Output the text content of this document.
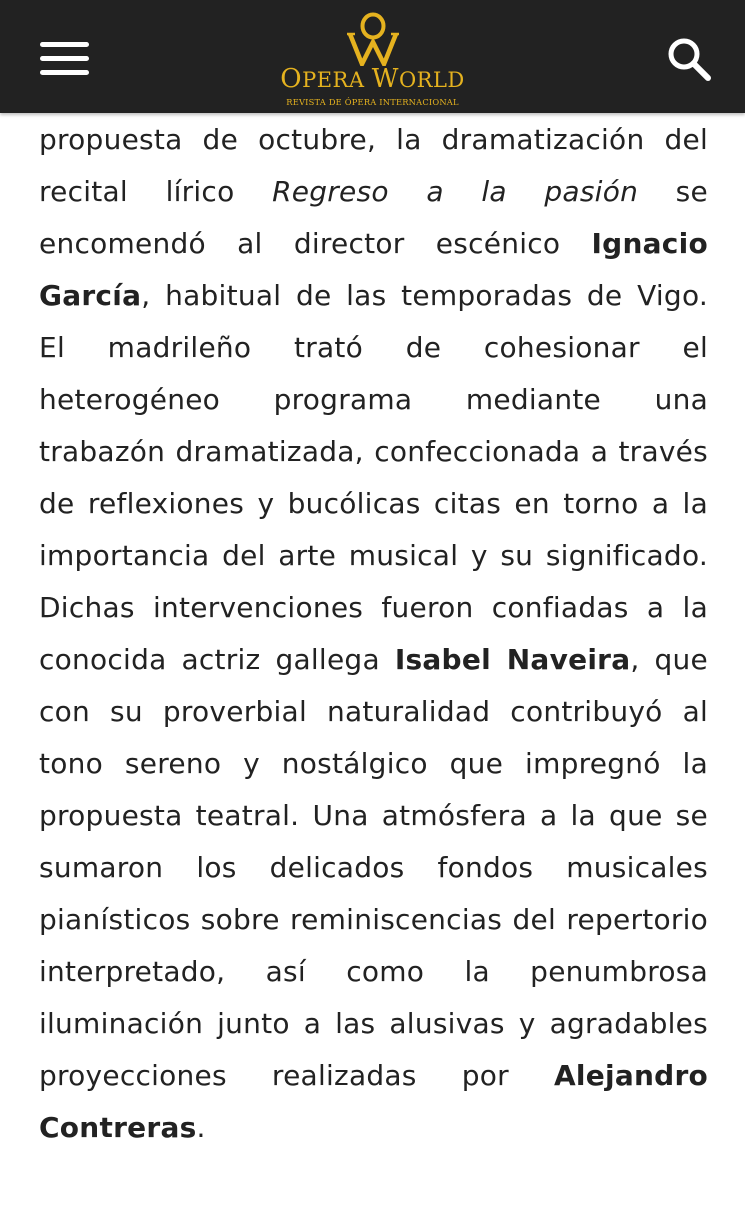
OPERA WORLD
REVISTA DE ÓPERA INTERNACIONAL

propuesta de octubre, la dramatización del recital lírico Regreso a la pasión se encomendó al director escénico Ignacio García, habitual de las temporadas de Vigo. El madrileño trató de cohesionar el heterogéneo programa mediante una trabazón dramatizada, confeccionada a través de reflexiones y bucólicas citas en torno a la importancia del arte musical y su significado. Dichas intervenciones fueron confiadas a la conocida actriz gallega Isabel Naveira, que con su proverbial naturalidad contribuyó al tono sereno y nostálgico que impregnó la propuesta teatral. Una atmósfera a la que se sumaron los delicados fondos musicales pianísticos sobre reminiscencias del repertorio interpretado, así como la penumbrosa iluminación junto a las alusivas y agradables proyecciones realizadas por Alejandro Contreras.
